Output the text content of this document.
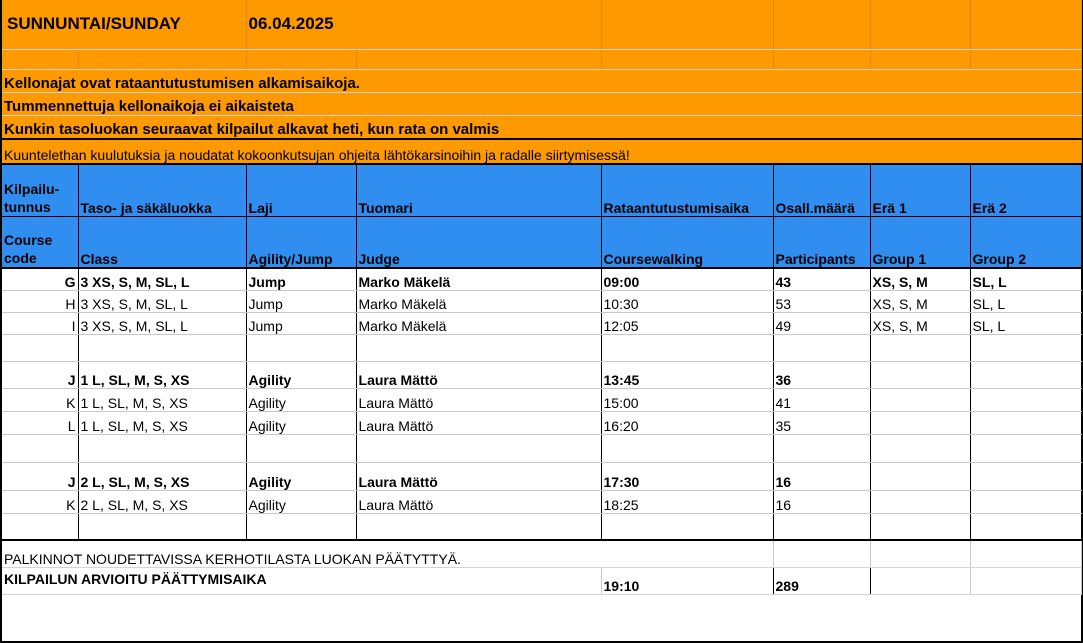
SUNNUNTAI/SUNDAY		06.04.2025					

Kellonajat ovat rataantutustumisen alkamisaikoja.							
Tummennettuja kellonaikoja ei aikaisteta							
Kunkin tasoluokan seuraavat kilpailut alkavat heti, kun rata on valmis							
Kuuntelethan kuulutuksia ja noudatat kokoonkutsujan ohjeita lähtökarsinoihin ja radalle siirtymisessä!							
Kilpailu-
tunnus	Taso- ja säkäluokka	Laji	Tuomari	Rataantutustumisaika	Osall.määrä	Erä 1	Erä 2
Course
code	Class	Agility/Jump	Judge	Coursewalking	Participants	Group 1	Group 2
G	3 XS, S, M, SL, L	Jump	Marko Mäkelä	09:00	43	XS, S, M	SL, L
H	3 XS, S, M, SL, L	Jump	Marko Mäkelä	10:30	53	XS, S, M	SL, L
I	3 XS, S, M, SL, L	Jump	Marko Mäkelä	12:05	49	XS, S, M	SL, L

J	1 L, SL, M, S, XS	Agility	Laura Mättö	13:45	36		
K	1 L, SL, M, S, XS	Agility	Laura Mättö	15:00	41		
L	1 L, SL, M, S, XS	Agility	Laura Mättö	16:20	35		

J	2 L, SL, M, S, XS	Agility	Laura Mättö	17:30	16		
K	2 L, SL, M, S, XS	Agility	Laura Mättö	18:25	16		

PALKINNOT NOUDETTAVISSA KERHOTILASTA LUOKAN PÄÄTYTTYÄ.							
KILPAILUN ARVIOITU PÄÄTTYMISAIKA				19:10	289		
